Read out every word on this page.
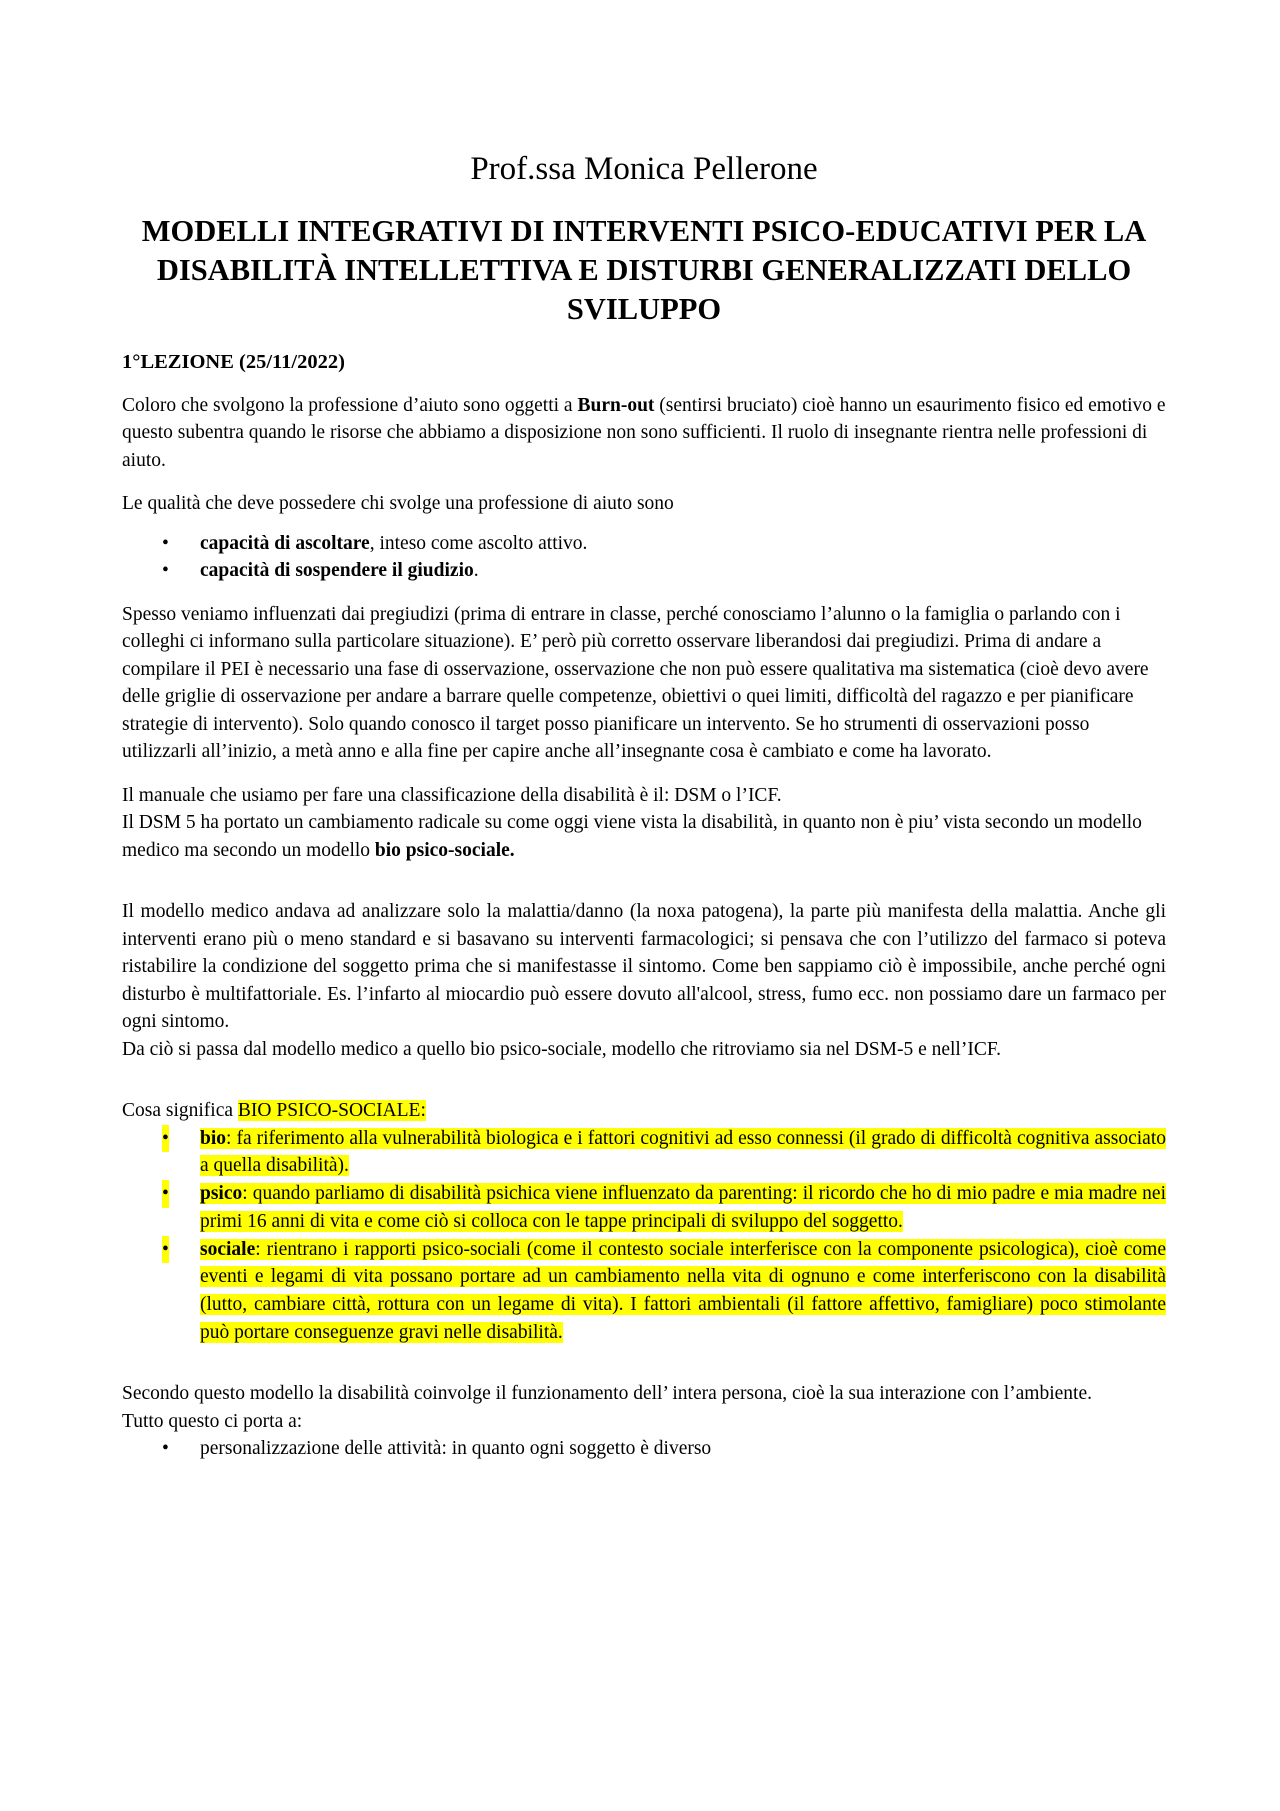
Prof.ssa Monica Pellerone
MODELLI INTEGRATIVI DI INTERVENTI PSICO-EDUCATIVI PER LA DISABILITÀ INTELLETTIVA E DISTURBI GENERALIZZATI DELLO SVILUPPO
1°LEZIONE (25/11/2022)

Coloro che svolgono la professione d’aiuto sono oggetti a Burn-out (sentirsi bruciato) cioè hanno un esaurimento fisico ed emotivo e questo subentra quando le risorse che abbiamo a disposizione non sono sufficienti. Il ruolo di insegnante rientra nelle professioni di aiuto.

Le qualità che deve possedere chi svolge una professione di aiuto sono

• capacità di ascoltare, inteso come ascolto attivo.
• capacità di sospendere il giudizio.

Spesso veniamo influenzati dai pregiudizi (prima di entrare in classe, perché conosciamo l’alunno o la famiglia o parlando con i colleghi ci informano sulla particolare situazione). E’ però più corretto osservare liberandosi dai pregiudizi. Prima di andare a compilare il PEI è necessario una fase di osservazione, osservazione che non può essere qualitativa ma sistematica (cioè devo avere delle griglie di osservazione per andare a barrare quelle competenze, obiettivi o quei limiti, difficoltà del ragazzo e per pianificare strategie di intervento). Solo quando conosco il target posso pianificare un intervento. Se ho strumenti di osservazioni posso utilizzarli all’inizio, a metà anno e alla fine per capire anche all’insegnante cosa è cambiato e come ha lavorato.

Il manuale che usiamo per fare una classificazione della disabilità è il: DSM o l’ICF.

Il DSM 5 ha portato un cambiamento radicale su come oggi viene vista la disabilità, in quanto non è piu’ vista secondo un modello medico ma secondo un modello bio psico-sociale.

Il modello medico andava ad analizzare solo la malattia/danno (la noxa patogena), la parte più manifesta della malattia. Anche gli interventi erano più o meno standard e si basavano su interventi farmacologici; si pensava che con l’utilizzo del farmaco si poteva ristabilire la condizione del soggetto prima che si manifestasse il sintomo. Come ben sappiamo ciò è impossibile, anche perché ogni disturbo è multifattoriale. Es. l’infarto al miocardio può essere dovuto all'alcool, stress, fumo ecc. non possiamo dare un farmaco per ogni sintomo.

Da ciò si passa dal modello medico a quello bio psico-sociale, modello che ritroviamo sia nel DSM-5 e nell’ICF.

Cosa significa BIO PSICO-SOCIALE:

• bio: fa riferimento alla vulnerabilità biologica e i fattori cognitivi ad esso connessi (il grado di difficoltà cognitiva associato a quella disabilità).
• psico: quando parliamo di disabilità psichica viene influenzato da parenting: il ricordo che ho di mio padre e mia madre nei primi 16 anni di vita e come ciò si colloca con le tappe principali di sviluppo del soggetto.
• sociale: rientrano i rapporti psico-sociali (come il contesto sociale interferisce con la componente psicologica), cioè come eventi e legami di vita possano portare ad un cambiamento nella vita di ognuno e come interferiscono con la disabilità (lutto, cambiare città, rottura con un legame di vita). I fattori ambientali (il fattore affettivo, famigliare) poco stimolante può portare conseguenze gravi nelle disabilità.

Secondo questo modello la disabilità coinvolge il funzionamento dell’ intera persona, cioè la sua interazione con l’ambiente.

Tutto questo ci porta a:

• personalizzazione delle attività: in quanto ogni soggetto è diverso
